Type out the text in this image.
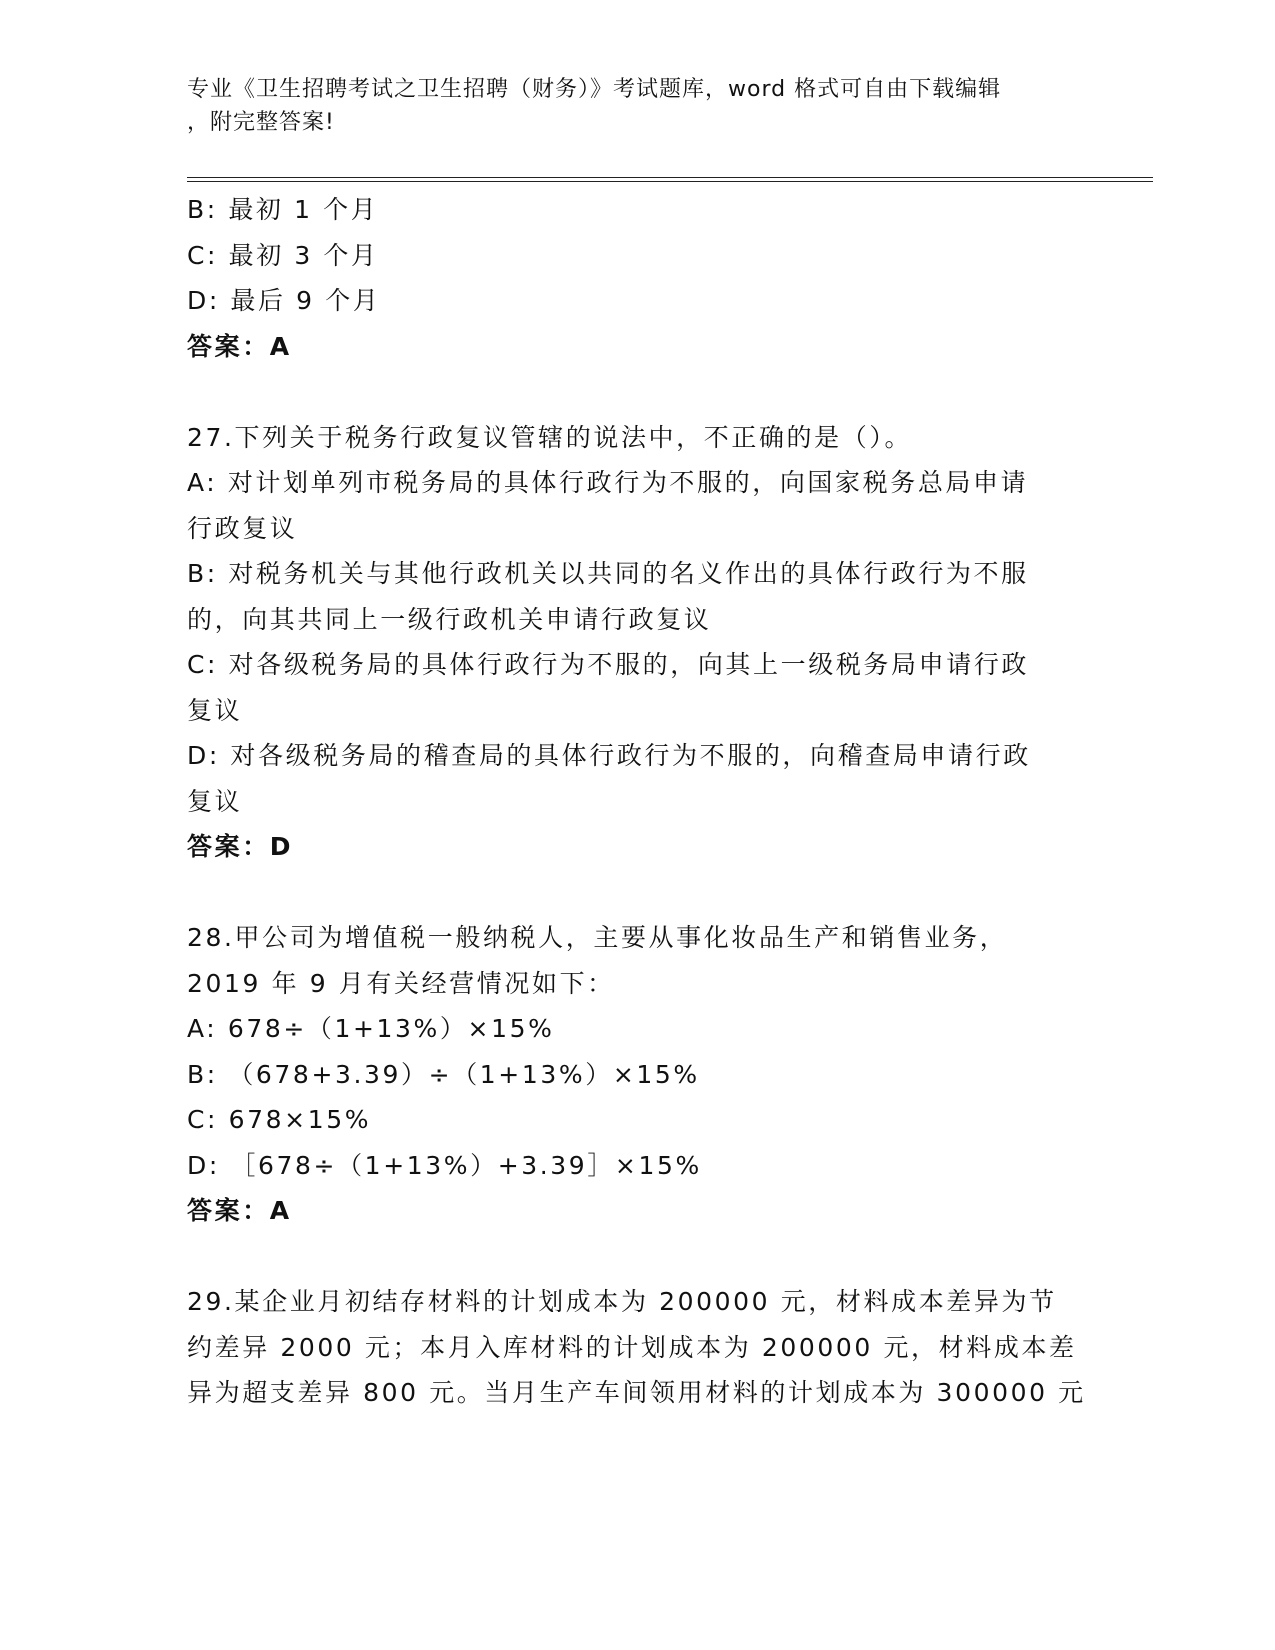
专业《卫生招聘考试之卫生招聘（财务）》考试题库，word 格式可自由下载编辑
，附完整答案!
B: 最初 1 个月
C: 最初 3 个月
D: 最后 9 个月
答案：A
27.下列关于税务行政复议管辖的说法中，不正确的是（）。
A: 对计划单列市税务局的具体行政行为不服的，向国家税务总局申请
行政复议
B: 对税务机关与其他行政机关以共同的名义作出的具体行政行为不服
的，向其共同上一级行政机关申请行政复议
C: 对各级税务局的具体行政行为不服的，向其上一级税务局申请行政
复议
D: 对各级税务局的稽查局的具体行政行为不服的，向稽查局申请行政
复议
答案：D
28.甲公司为增值税一般纳税人，主要从事化妆品生产和销售业务，
2019 年 9 月有关经营情况如下：
A: 678÷（1+13%）×15%
B: （678+3.39）÷（1+13%）×15%
C: 678×15%
D: ［678÷（1+13%）+3.39］×15%
答案：A
29.某企业月初结存材料的计划成本为 200000 元，材料成本差异为节
约差异 2000 元；本月入库材料的计划成本为 200000 元，材料成本差
异为超支差异 800 元。当月生产车间领用材料的计划成本为 300000 元
